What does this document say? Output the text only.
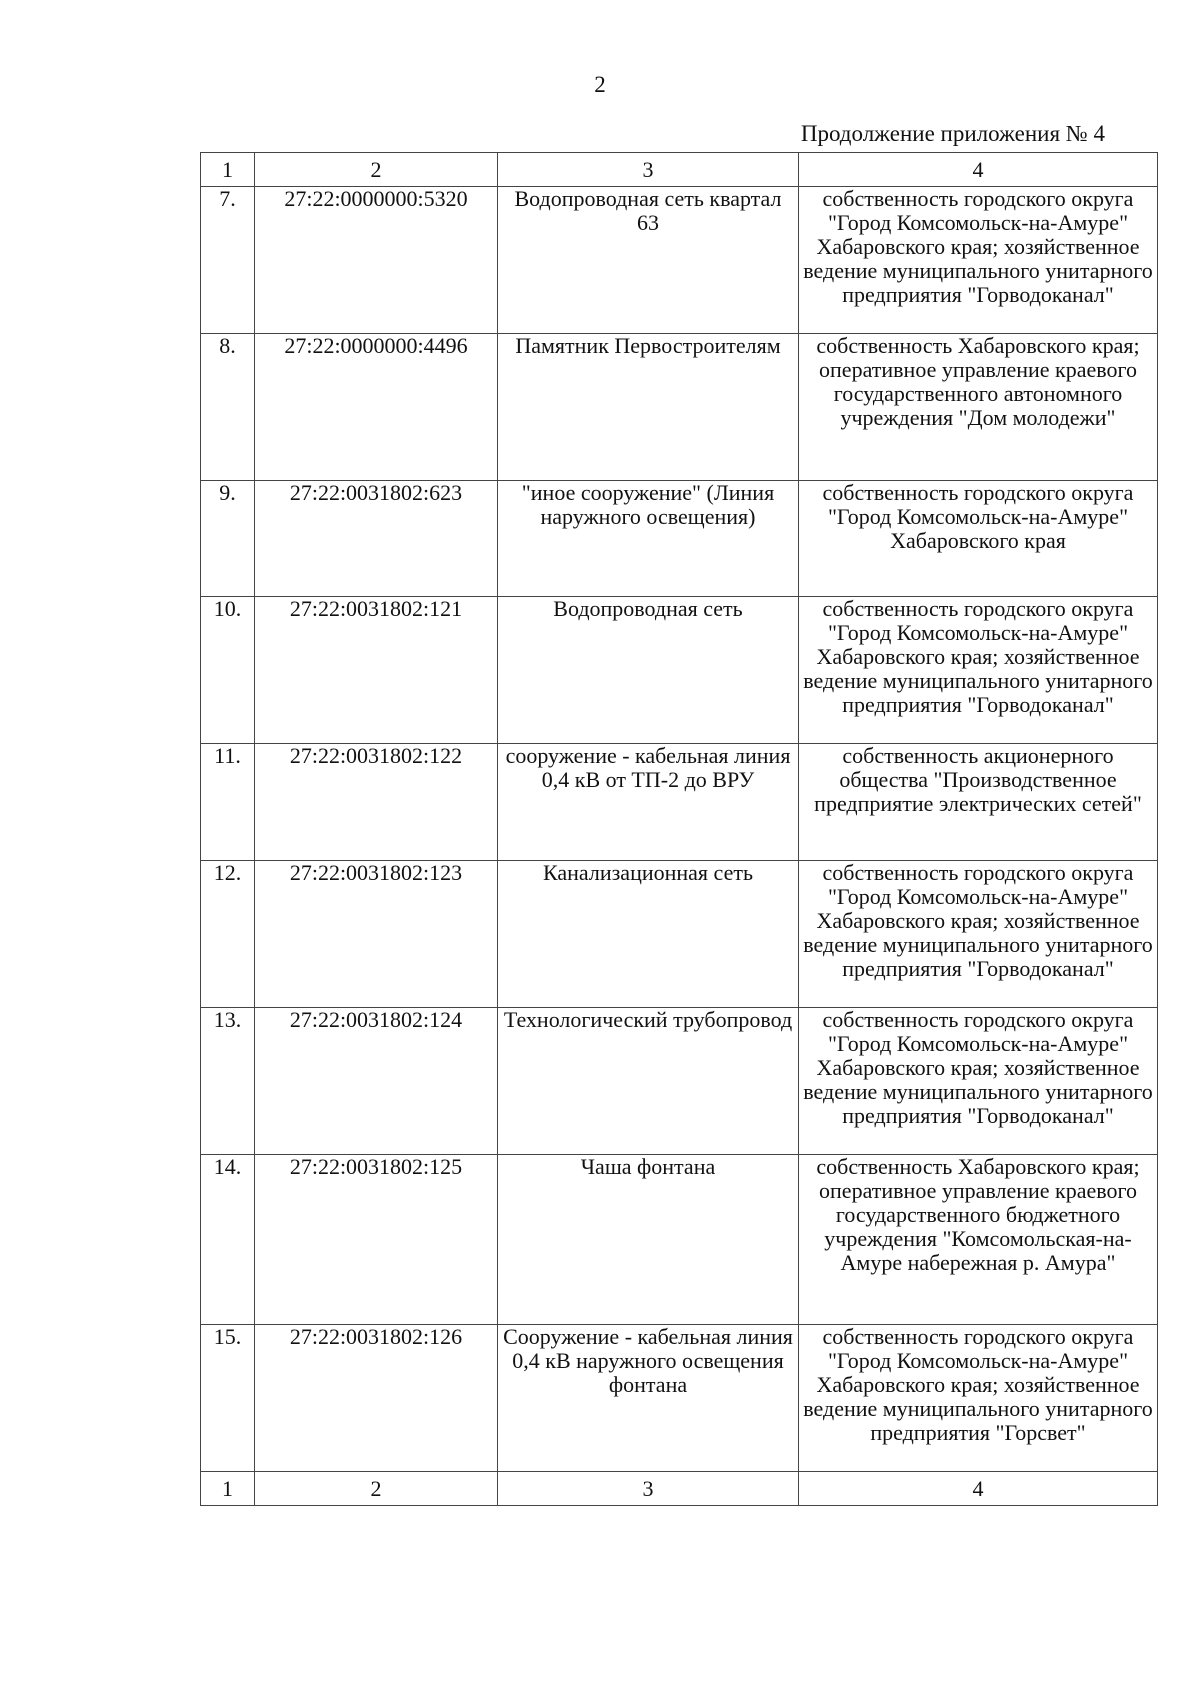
2
Продолжение приложения № 4
1	2	3	4
7.	27:22:0000000:5320	Водопроводная сеть квартал 63	собственность городского округа "Город Комсомольск-на-Амуре" Хабаровского края; хозяйственное ведение муниципального унитарного предприятия "Горводоканал"
8.	27:22:0000000:4496	Памятник Первостроителям	собственность Хабаровского края; оперативное управление краевого государственного автономного учреждения "Дом молодежи"
9.	27:22:0031802:623	"иное сооружение" (Линия наружного освещения)	собственность городского округа "Город Комсомольск-на-Амуре" Хабаровского края
10.	27:22:0031802:121	Водопроводная сеть	собственность городского округа "Город Комсомольск-на-Амуре" Хабаровского края; хозяйственное ведение муниципального унитарного предприятия "Горводоканал"
11.	27:22:0031802:122	сооружение - кабельная линия 0,4 кВ от ТП-2 до ВРУ	собственность акционерного общества "Производственное предприятие электрических сетей"
12.	27:22:0031802:123	Канализационная сеть	собственность городского округа "Город Комсомольск-на-Амуре" Хабаровского края; хозяйственное ведение муниципального унитарного предприятия "Горводоканал"
13.	27:22:0031802:124	Технологический трубопровод	собственность городского округа "Город Комсомольск-на-Амуре" Хабаровского края; хозяйственное ведение муниципального унитарного предприятия "Горводоканал"
14.	27:22:0031802:125	Чаша фонтана	собственность Хабаровского края; оперативное управление краевого государственного бюджетного учреждения "Комсомольская-на-Амуре набережная р. Амура"
15.	27:22:0031802:126	Сооружение - кабельная линия 0,4 кВ наружного освещения фонтана	собственность городского округа "Город Комсомольск-на-Амуре" Хабаровского края; хозяйственное ведение муниципального унитарного предприятия "Горсвет"
1	2	3	4
